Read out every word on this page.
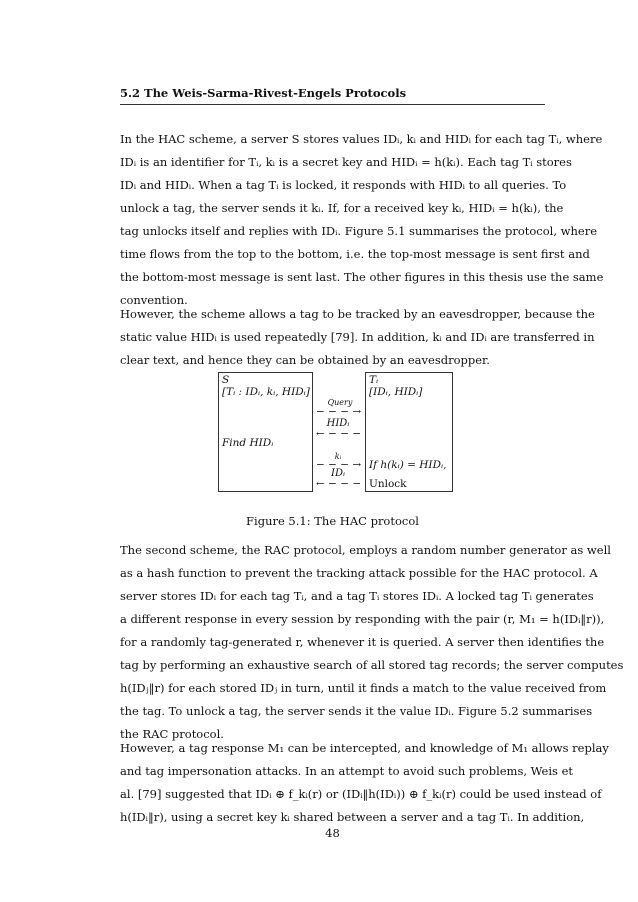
5.2 The Weis-Sarma-Rivest-Engels Protocols
In the HAC scheme, a server S stores values IDᵢ, kᵢ and HIDᵢ for each tag Tᵢ, where
IDᵢ is an identifier for Tᵢ, kᵢ is a secret key and HIDᵢ = h(kᵢ). Each tag Tᵢ stores
IDᵢ and HIDᵢ. When a tag Tᵢ is locked, it responds with HIDᵢ to all queries. To
unlock a tag, the server sends it kᵢ. If, for a received key kᵢ, HIDᵢ = h(kᵢ), the
tag unlocks itself and replies with IDᵢ. Figure 5.1 summarises the protocol, where
time flows from the top to the bottom, i.e. the top-most message is sent first and
the bottom-most message is sent last. The other figures in this thesis use the same
convention.
However, the scheme allows a tag to be tracked by an eavesdropper, because the
static value HIDᵢ is used repeatedly [79]. In addition, kᵢ and IDᵢ are transferred in
clear text, and hence they can be obtained by an eavesdropper.
S
[Tᵢ : IDᵢ, kᵢ, HIDᵢ]
Find HIDᵢ
Tᵢ
[IDᵢ, HIDᵢ]
If h(kᵢ) = HIDᵢ,
Unlock
Query
− − − →
HIDᵢ
← − − −
kᵢ
− − − →
IDᵢ
← − − −
Figure 5.1: The HAC protocol
The second scheme, the RAC protocol, employs a random number generator as well
as a hash function to prevent the tracking attack possible for the HAC protocol. A
server stores IDᵢ for each tag Tᵢ, and a tag Tᵢ stores IDᵢ. A locked tag Tᵢ generates
a different response in every session by responding with the pair (r, M₁ = h(IDᵢ‖r)),
for a randomly tag-generated r, whenever it is queried. A server then identifies the
tag by performing an exhaustive search of all stored tag records; the server computes
h(IDⱼ‖r) for each stored IDⱼ in turn, until it finds a match to the value received from
the tag. To unlock a tag, the server sends it the value IDᵢ. Figure 5.2 summarises
the RAC protocol.
However, a tag response M₁ can be intercepted, and knowledge of M₁ allows replay
and tag impersonation attacks. In an attempt to avoid such problems, Weis et
al. [79] suggested that IDᵢ ⊕ f_kᵢ(r) or (IDᵢ‖h(IDᵢ)) ⊕ f_kᵢ(r) could be used instead of
h(IDᵢ‖r), using a secret key kᵢ shared between a server and a tag Tᵢ. In addition,
48
